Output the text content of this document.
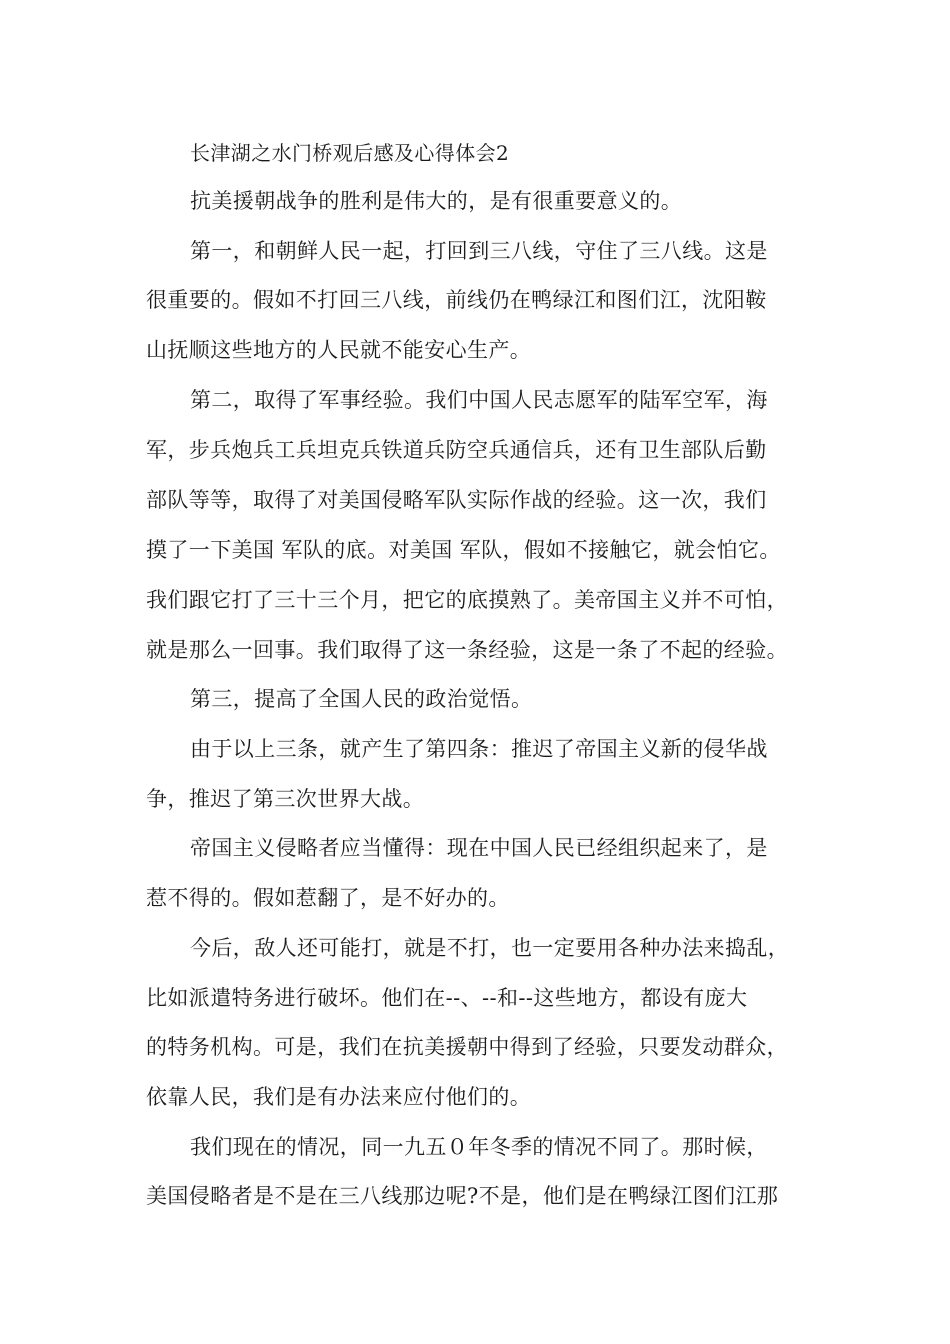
长津湖之水门桥观后感及心得体会2

抗美援朝战争的胜利是伟大的，是有很重要意义的。

第一，和朝鲜人民一起，打回到三八线，守住了三八线。这是

很重要的。假如不打回三八线，前线仍在鸭绿江和图们江，沈阳鞍

山抚顺这些地方的人民就不能安心生产。

第二，取得了军事经验。我们中国人民志愿军的陆军空军，海

军，步兵炮兵工兵坦克兵铁道兵防空兵通信兵，还有卫生部队后勤

部队等等，取得了对美国侵略军队实际作战的经验。这一次，我们

摸了一下美国 军队的底。对美国 军队，假如不接触它，就会怕它。

我们跟它打了三十三个月，把它的底摸熟了。美帝国主义并不可怕，

就是那么一回事。我们取得了这一条经验，这是一条了不起的经验。

第三，提高了全国人民的政治觉悟。

由于以上三条，就产生了第四条：推迟了帝国主义新的侵华战

争，推迟了第三次世界大战。

帝国主义侵略者应当懂得：现在中国人民已经组织起来了，是

惹不得的。假如惹翻了，是不好办的。

今后，敌人还可能打，就是不打，也一定要用各种办法来捣乱，

比如派遣特务进行破坏。他们在--、--和--这些地方，都设有庞大

的特务机构。可是，我们在抗美援朝中得到了经验，只要发动群众，

依靠人民，我们是有办法来应付他们的。

我们现在的情况，同一九五０年冬季的情况不同了。那时候，

美国侵略者是不是在三八线那边呢?不是，他们是在鸭绿江图们江那
